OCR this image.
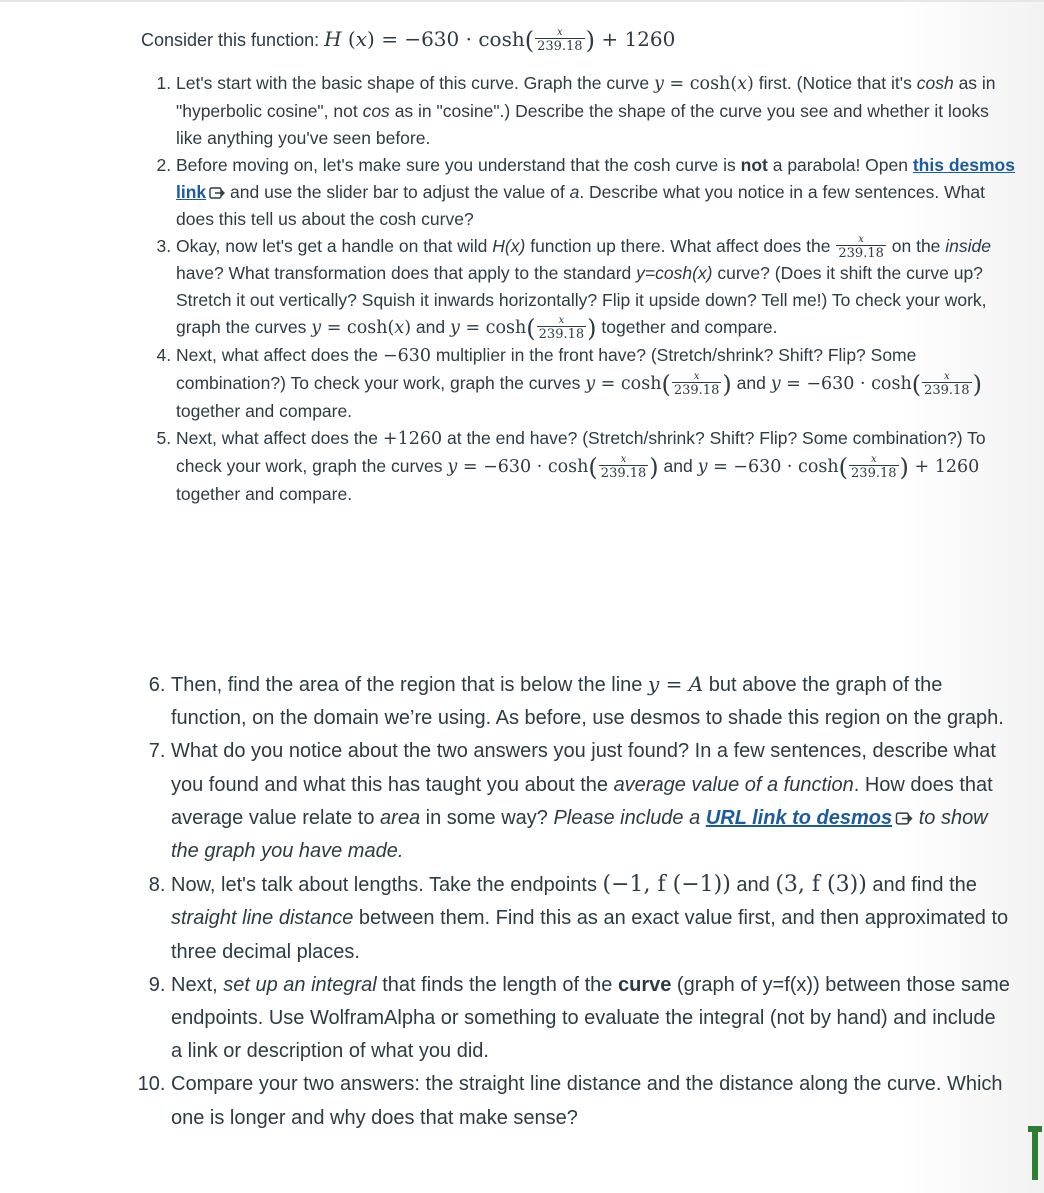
Consider this function: H $(x) = -630 \cdot \cosh( \frac{x}{239.18}$ ) + 1260
1. Let's start with the basic shape of this curve. Graph the curve y = cosh(x) first. (Notice that it's cosh as in "hyperbolic cosine", not cos as in "cosine".) Describe the shape of the curve you see and whether it looks like anything you've seen before.
2. Before moving on, let's make sure you understand that the cosh curve is not a parabola! Open this desmos link and use the slider bar to adjust the value of a. Describe what you notice in a few sentences. What does this tell us about the cosh curve?
3. Okay, now let's get a handle on that wild H(x) function up there. What affect does the $\frac{x}{239.18}$ on the inside have? What transformation does that apply to the standard y=cosh(x) curve? (Does it shift the curve up? Stretch it out vertically? Squish it inwards horizontally? Flip it upside down? Tell me!) To check your work, graph the curves y = cosh(x) and $y = \cosh( \frac{x}{239.18}$ ) together and compare.
4. Next, what affect does the −630 multiplier in the front have? (Stretch/shrink? Shift? Flip? Some combination?) To check your work, graph the curves $y = \cosh( \frac{x}{239.18}$ ) and $y = -630 \cdot \cosh( \frac{x}{239.18}$ ) together and compare.
5. Next, what affect does the +1260 at the end have? (Stretch/shrink? Shift? Flip? Some combination?) To check your work, graph the curves $y = -630 \cdot \cosh( \frac{x}{239.18}$ ) and $y = -630 \cdot \cosh( \frac{x}{239.18}$ ) + 1260 together and compare.
6. Then, find the area of the region that is below the line y = A but above the graph of the function, on the domain we’re using. As before, use desmos to shade this region on the graph.
7. What do you notice about the two answers you just found? In a few sentences, describe what you found and what this has taught you about the average value of a function. How does that average value relate to area in some way? Please include a URL link to desmos to show the graph you have made.
8. Now, let's talk about lengths. Take the endpoints (−1, f (−1)) and (3, f (3)) and find the straight line distance between them. Find this as an exact value first, and then approximated to three decimal places.
9. Next, set up an integral that finds the length of the curve (graph of y=f(x)) between those same endpoints. Use WolframAlpha or something to evaluate the integral (not by hand) and include a link or description of what you did.
10. Compare your two answers: the straight line distance and the distance along the curve. Which one is longer and why does that make sense?
